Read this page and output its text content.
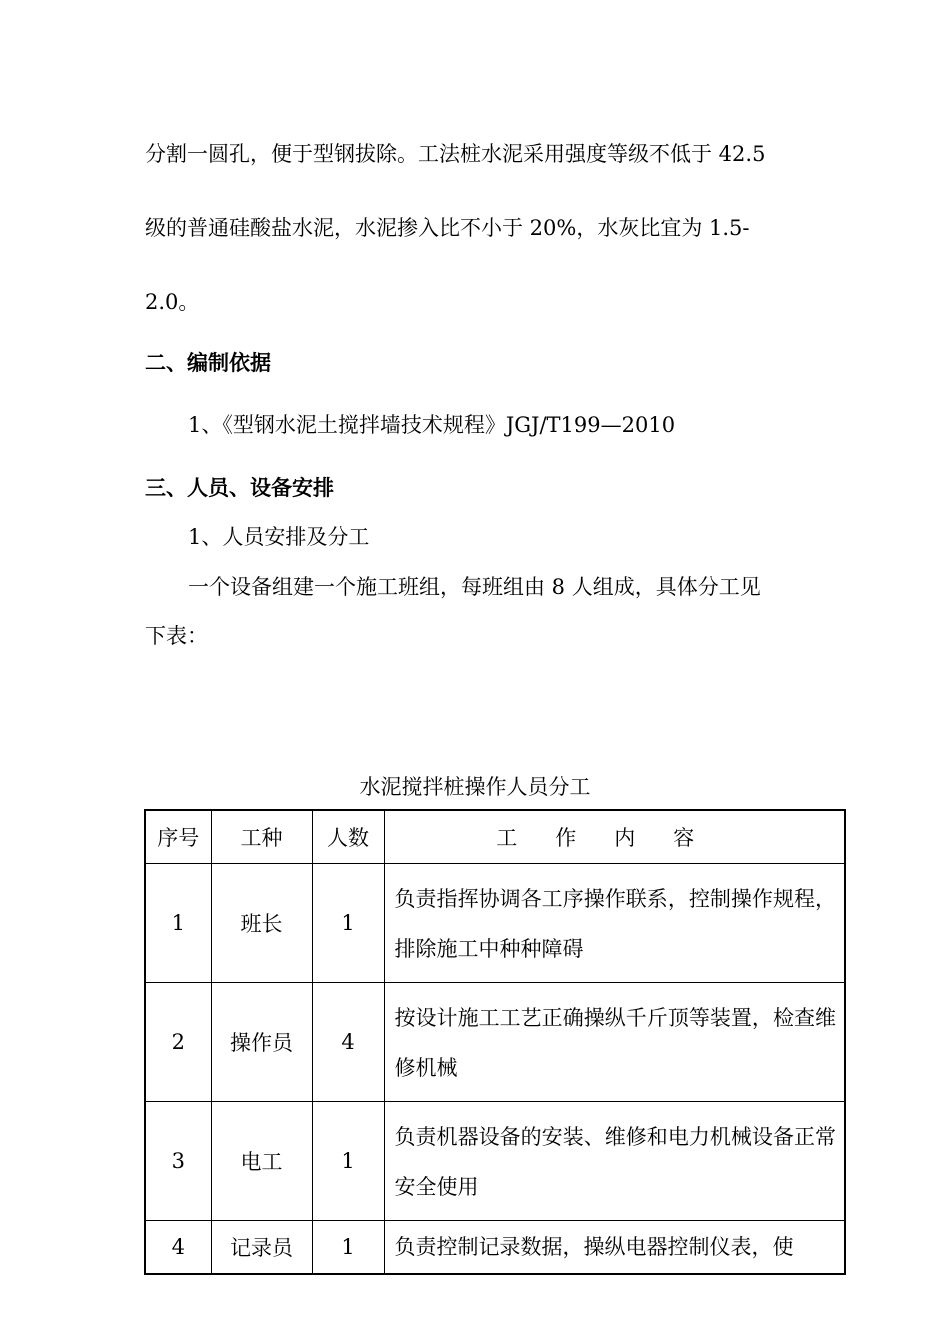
分割一圆孔，便于型钢拔除。工法桩水泥采用强度等级不低于 42.5
级的普通硅酸盐水泥，水泥掺入比不小于 20%，水灰比宜为 1.5-
2.0。
二、编制依据
1、《型钢水泥土搅拌墙技术规程》JGJ/T199—2010
三、人员、设备安排
1、人员安排及分工
一个设备组建一个施工班组，每班组由 8 人组成，具体分工见
下表：
水泥搅拌桩操作人员分工
序号	工种	人数	工作内容
1	班长	1	负责指挥协调各工序操作联系，控制操作规程，排除施工中种种障碍
2	操作员	4	按设计施工工艺正确操纵千斤顶等装置，检查维修机械
3	电工	1	负责机器设备的安装、维修和电力机械设备正常安全使用
4	记录员	1	负责控制记录数据，操纵电器控制仪表，使
